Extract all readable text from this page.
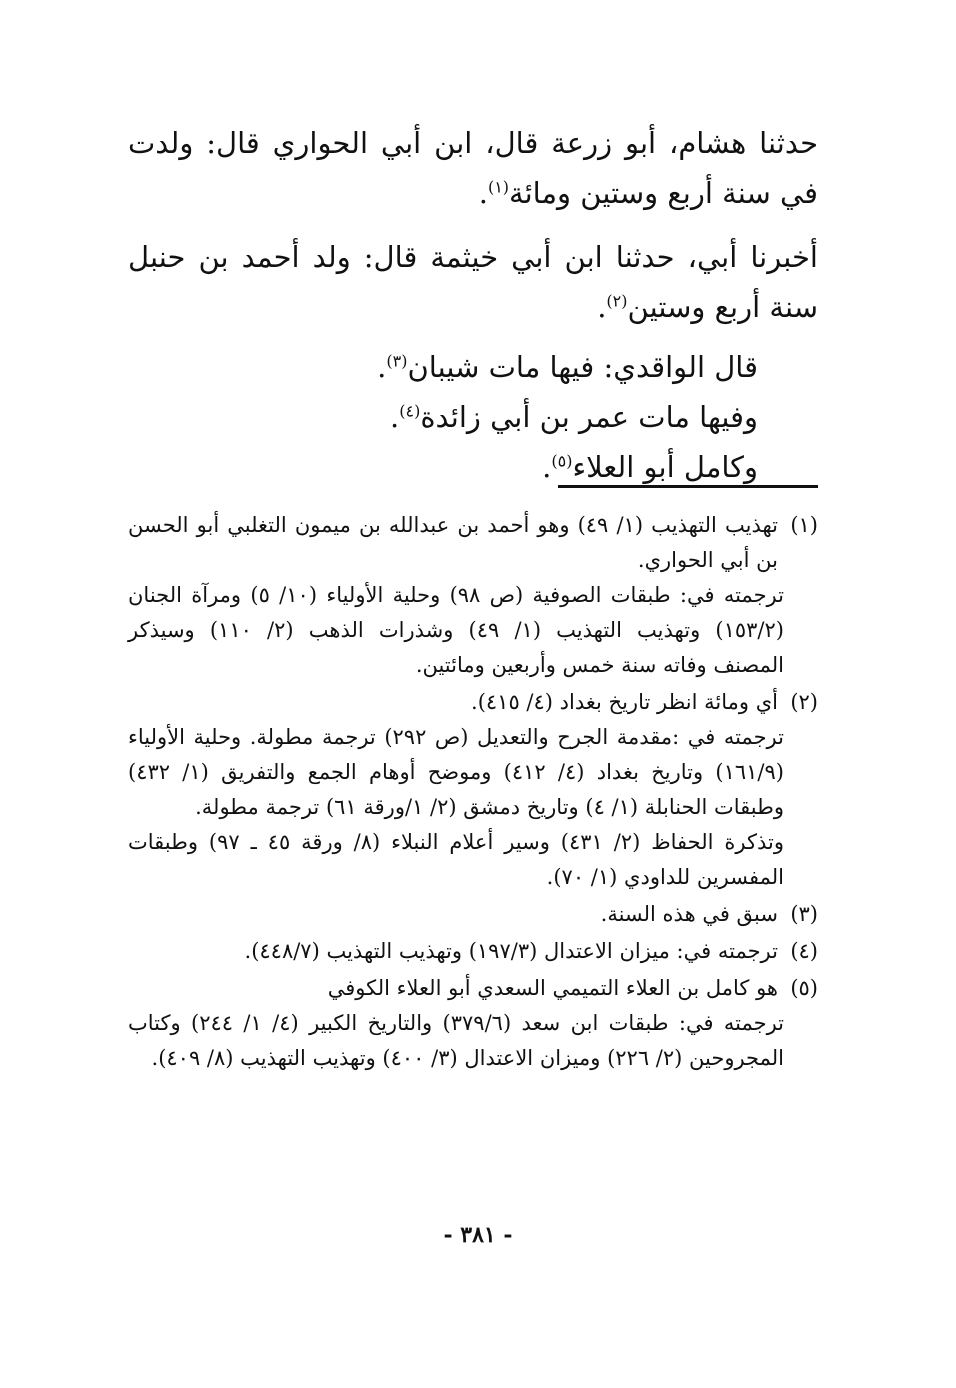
حدثنا هشام، أبو زرعة قال، ابن أبي الحواري قال: ولدت في سنة أربع وستين ومائة$^{(١)}$.

أخبرنا أبي، حدثنا ابن أبي خيثمة قال: ولد أحمد بن حنبل سنة أربع وستين$^{(٢)}$.

قال الواقدي: فيها مات شيبان$^{(٣)}$.

وفيها مات عمر بن أبي زائدة$^{(٤)}$.

وكامل أبو العلاء$^{(٥)}$.

(١)
تهذيب التهذيب (١/ ٤٩) وهو أحمد بن عبدالله بن ميمون التغلبي أبو الحسن بن أبي الحواري.
ترجمته في: طبقات الصوفية (ص ٩٨) وحلية الأولياء (١٠/ ٥) ومرآة الجنان (١٥٣/٢) وتهذيب التهذيب (١/ ٤٩) وشذرات الذهب (٢/ ١١٠) وسيذكر المصنف وفاته سنة خمس وأربعين ومائتين.
(٢)
أي ومائة انظر تاريخ بغداد (٤/ ٤١٥).
ترجمته في :مقدمة الجرح والتعديل (ص ٢٩٢) ترجمة مطولة. وحلية الأولياء (١٦١/٩) وتاريخ بغداد (٤/ ٤١٢) وموضح أوهام الجمع والتفريق (١/ ٤٣٢) وطبقات الحنابلة (١/ ٤) وتاريخ دمشق (٢/ ١/ورقة ٦١) ترجمة مطولة.
وتذكرة الحفاظ (٢/ ٤٣١) وسير أعلام النبلاء (٨/ ورقة ٤٥ ـ ٩٧) وطبقات المفسرين للداودي (١/ ٧٠).
(٣)
سبق في هذه السنة.
(٤)
ترجمته في: ميزان الاعتدال (١٩٧/٣) وتهذيب التهذيب (٤٤٨/٧).
(٥)
هو كامل بن العلاء التميمي السعدي أبو العلاء الكوفي
ترجمته في: طبقات ابن سعد (٣٧٩/٦) والتاريخ الكبير (٤/ ١/ ٢٤٤) وكتاب المجروحين (٢/ ٢٢٦) وميزان الاعتدال (٣/ ٤٠٠) وتهذيب التهذيب (٨/ ٤٠٩).
- ٣٨١ -
